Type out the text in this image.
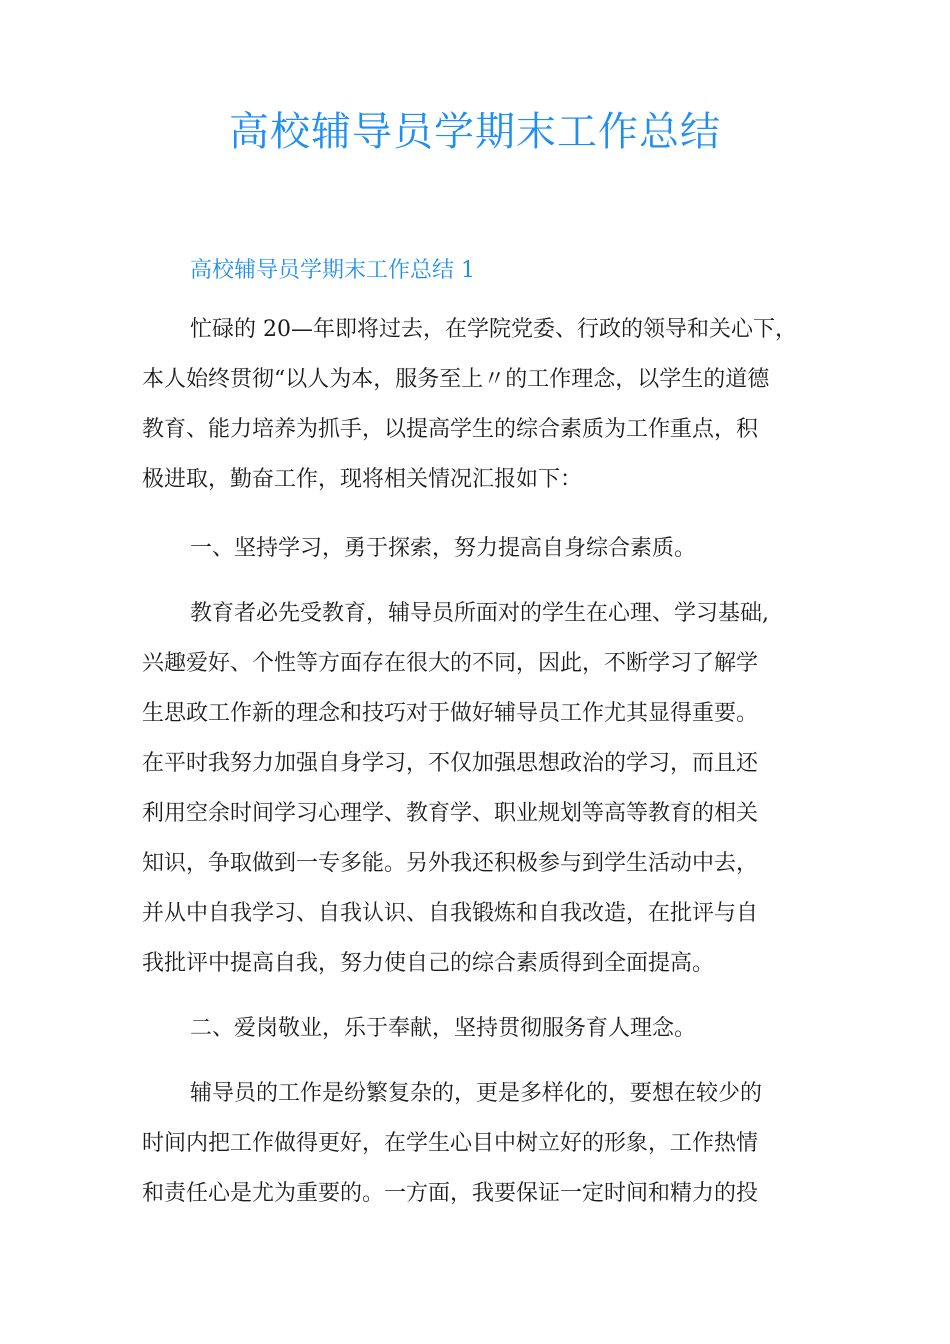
高校辅导员学期末工作总结
高校辅导员学期末工作总结 1
忙碌的 20—年即将过去，在学院党委、行政的领导和关心下，
本人始终贯彻“以人为本，服务至上〃的工作理念，以学生的道德
教育、能力培养为抓手，以提高学生的综合素质为工作重点，积
极进取，勤奋工作，现将相关情况汇报如下：
一、坚持学习，勇于探索，努力提高自身综合素质。
教育者必先受教育，辅导员所面对的学生在心理、学习基础,
兴趣爱好、个性等方面存在很大的不同，因此，不断学习了解学
生思政工作新的理念和技巧对于做好辅导员工作尤其显得重要。
在平时我努力加强自身学习，不仅加强思想政治的学习，而且还
利用空余时间学习心理学、教育学、职业规划等高等教育的相关
知识，争取做到一专多能。另外我还积极参与到学生活动中去，
并从中自我学习、自我认识、自我锻炼和自我改造，在批评与自
我批评中提高自我，努力使自己的综合素质得到全面提高。
二、爱岗敬业，乐于奉献，坚持贯彻服务育人理念。
辅导员的工作是纷繁复杂的，更是多样化的，要想在较少的
时间内把工作做得更好，在学生心目中树立好的形象，工作热情
和责任心是尤为重要的。一方面，我要保证一定时间和精力的投
